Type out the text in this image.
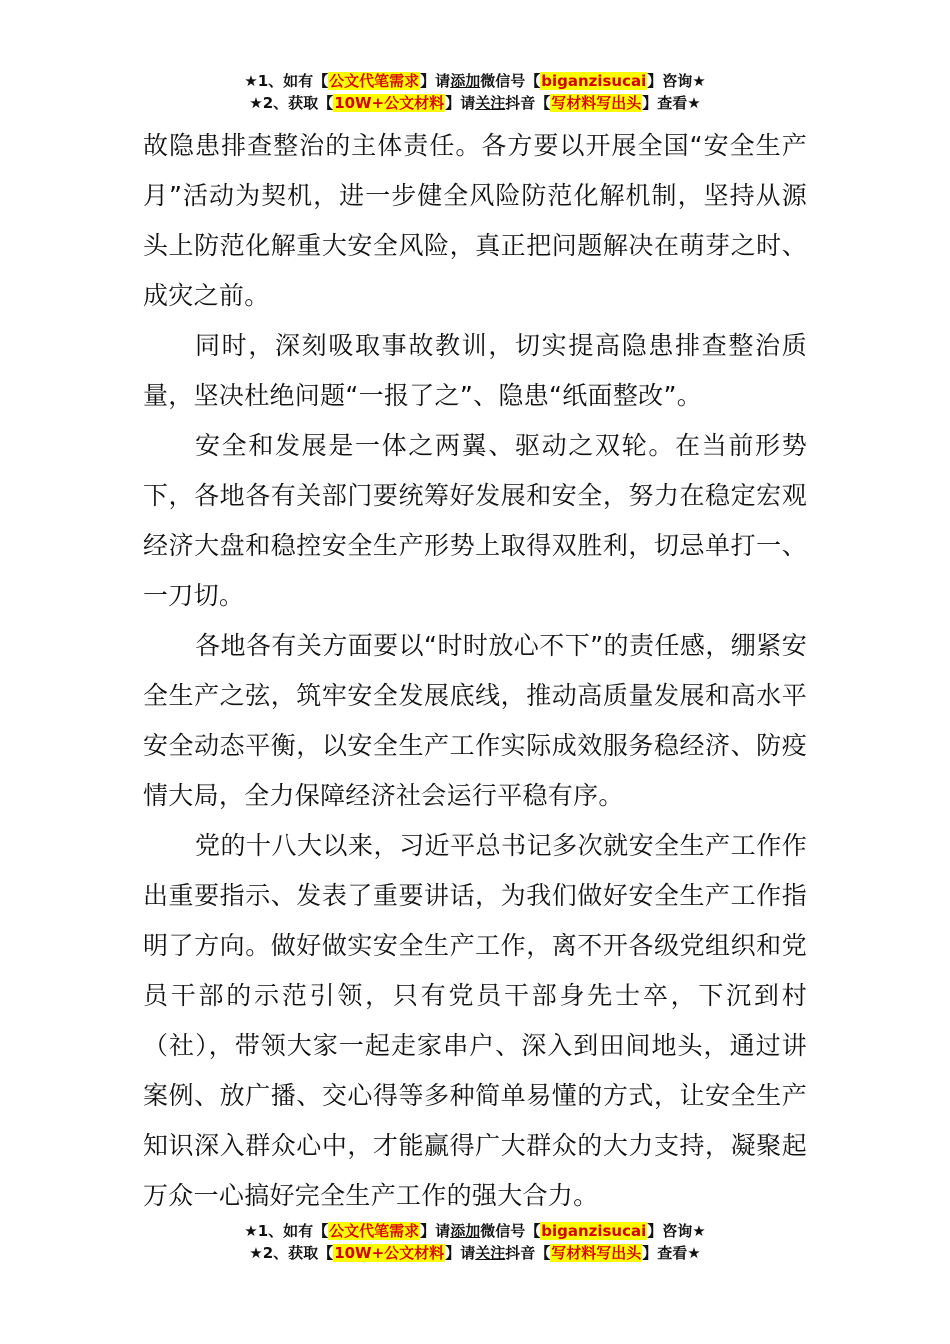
★1、如有【公文代笔需求】请添加微信号【biganzisucai】咨询★
★2、获取【10W+公文材料】请关注抖音【写材料写出头】查看★

故隐患排查整治的主体责任。各方要以开展全国“安全生产月”活动为契机，进一步健全风险防范化解机制，坚持从源头上防范化解重大安全风险，真正把问题解决在萌芽之时、成灾之前。

同时，深刻吸取事故教训，切实提高隐患排查整治质量，坚决杜绝问题“一报了之”、隐患“纸面整改”。

安全和发展是一体之两翼、驱动之双轮。在当前形势下，各地各有关部门要统筹好发展和安全，努力在稳定宏观经济大盘和稳控安全生产形势上取得双胜利，切忌单打一、一刀切。

各地各有关方面要以“时时放心不下”的责任感，绷紧安全生产之弦，筑牢安全发展底线，推动高质量发展和高水平安全动态平衡，以安全生产工作实际成效服务稳经济、防疫情大局，全力保障经济社会运行平稳有序。

党的十八大以来，习近平总书记多次就安全生产工作作出重要指示、发表了重要讲话，为我们做好安全生产工作指明了方向。做好做实安全生产工作，离不开各级党组织和党员干部的示范引领，只有党员干部身先士卒，下沉到村（社），带领大家一起走家串户、深入到田间地头，通过讲案例、放广播、交心得等多种简单易懂的方式，让安全生产知识深入群众心中，才能赢得广大群众的大力支持，凝聚起万众一心搞好完全生产工作的强大合力。

★1、如有【公文代笔需求】请添加微信号【biganzisucai】咨询★
★2、获取【10W+公文材料】请关注抖音【写材料写出头】查看★
